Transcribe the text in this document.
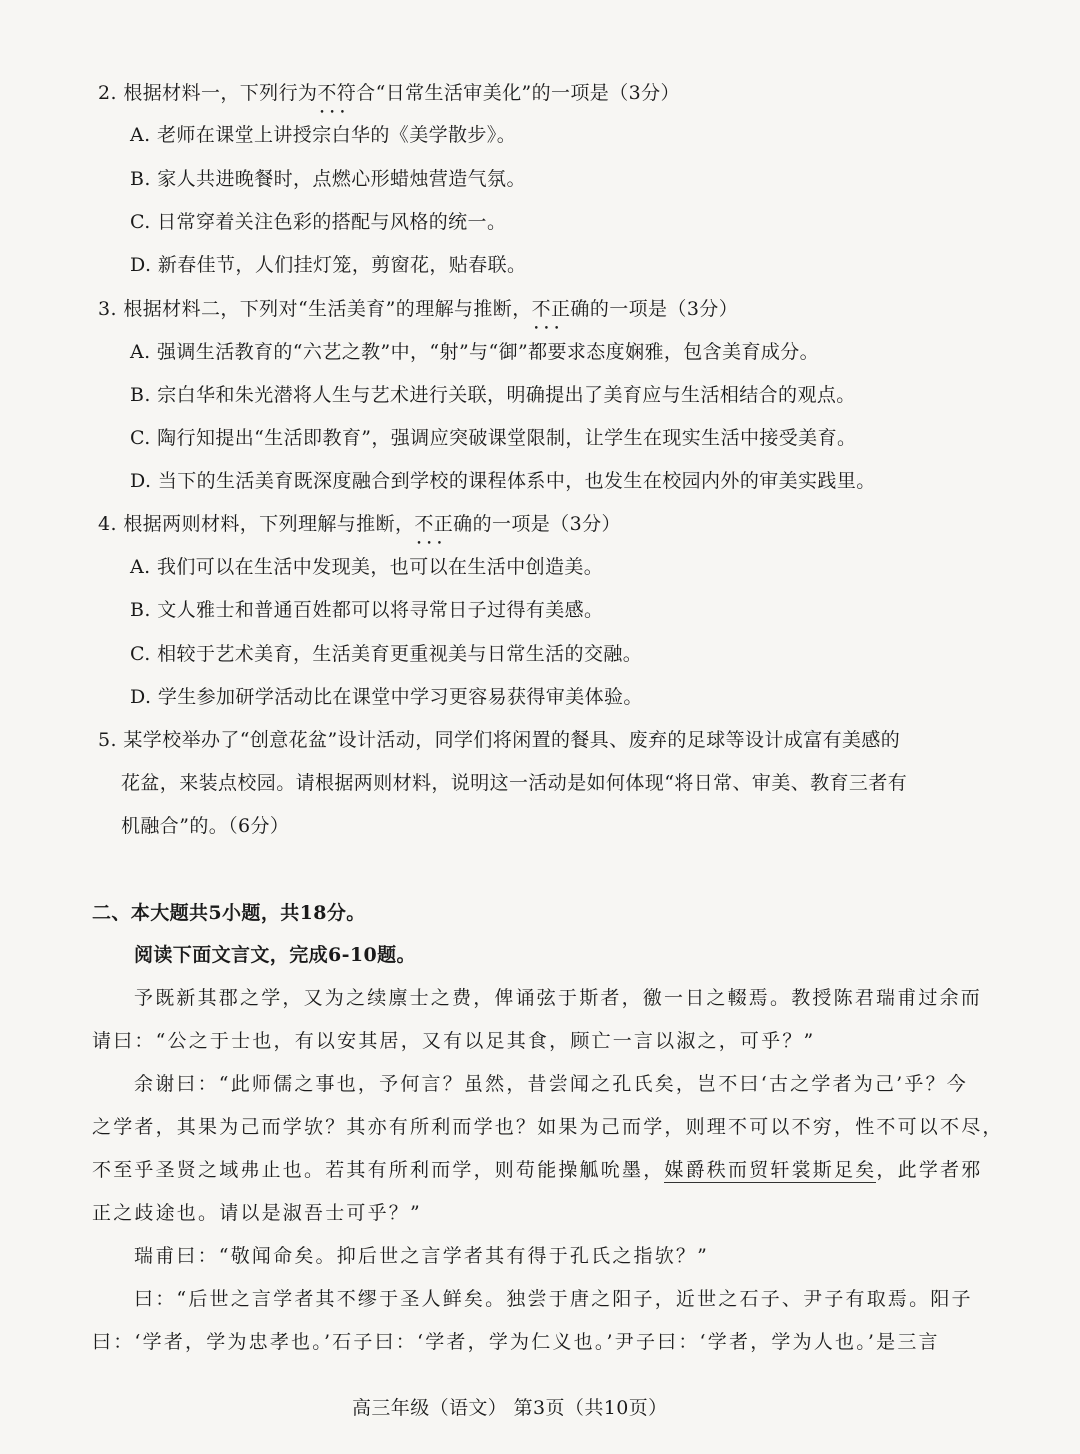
2. 根据材料一，下列行为不符合 • • •“日常生活审美化”的一项是（3分）
A. 老师在课堂上讲授宗白华的《美学散步》。
B. 家人共进晚餐时，点燃心形蜡烛营造气氛。
C. 日常穿着关注色彩的搭配与风格的统一。
D. 新春佳节，人们挂灯笼，剪窗花，贴春联。
3. 根据材料二，下列对“生活美育”的理解与推断，不正确 • • •的一项是（3分）
A. 强调生活教育的“六艺之教”中，“射”与“御”都要求态度娴雅，包含美育成分。
B. 宗白华和朱光潜将人生与艺术进行关联，明确提出了美育应与生活相结合的观点。
C. 陶行知提出“生活即教育”，强调应突破课堂限制，让学生在现实生活中接受美育。
D. 当下的生活美育既深度融合到学校的课程体系中，也发生在校园内外的审美实践里。
4. 根据两则材料，下列理解与推断，不正确 • • •的一项是（3分）
A. 我们可以在生活中发现美，也可以在生活中创造美。
B. 文人雅士和普通百姓都可以将寻常日子过得有美感。
C. 相较于艺术美育，生活美育更重视美与日常生活的交融。
D. 学生参加研学活动比在课堂中学习更容易获得审美体验。
5. 某学校举办了“创意花盆”设计活动，同学们将闲置的餐具、废弃的足球等设计成富有美感的
花盆，来装点校园。请根据两则材料，说明这一活动是如何体现“将日常、审美、教育三者有
机融合”的。（6分）
二、本大题共5小题，共18分。
阅读下面文言文，完成6-10题。
予既新其郡之学，又为之续廪士之费，俾诵弦于斯者，徼一日之輟焉。教授陈君瑞甫过余而
请曰：“公之于士也，有以安其居，又有以足其食，顾亡一言以淑之，可乎？”
余谢曰：“此师儒之事也，予何言？虽然，昔尝闻之孔氏矣，岂不曰‘古之学者为己’乎？今
之学者，其果为己而学欤？其亦有所利而学也？如果为己而学，则理不可以不穷，性不可以不尽，
不至乎圣贤之域弗止也。若其有所利而学，则苟能操觚吮墨，媒爵秩而贸轩裳斯足矣，此学者邪
正之歧途也。请以是淑吾士可乎？”
瑞甫曰：“敬闻命矣。抑后世之言学者其有得于孔氏之指欤？”
曰：“后世之言学者其不缪于圣人鲜矣。独尝于唐之阳子，近世之石子、尹子有取焉。阳子
曰：‘学者，学为忠孝也。’石子曰：‘学者，学为仁义也。’尹子曰：‘学者，学为人也。’是三言
高三年级（语文） 第3页（共10页）
